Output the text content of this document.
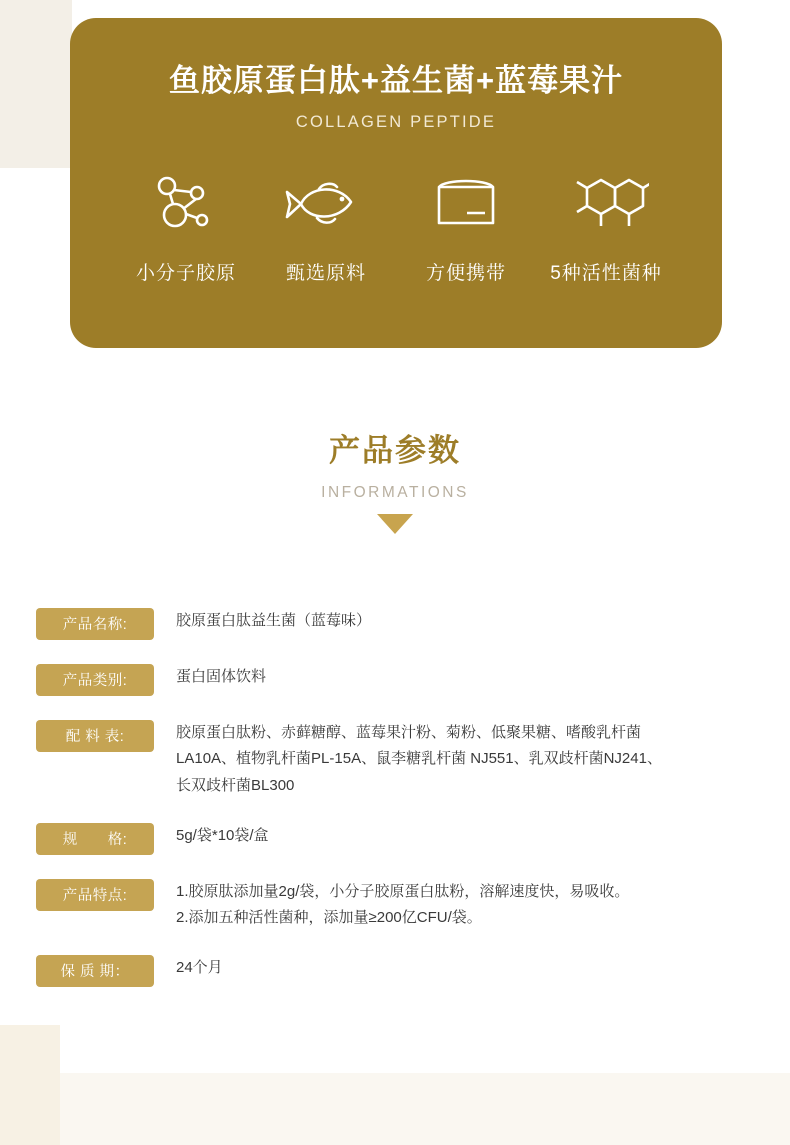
鱼胶原蛋白肽+益生菌+蓝莓果汁
COLLAGEN PEPTIDE
小分子胶原	甄选原料	方便携带	5种活性菌种
产品参数
INFORMATIONS
产品名称:	胶原蛋白肽益生菌（蓝莓味）
产品类别:	蛋白固体饮料
配 料 表:	胶原蛋白肽粉、赤藓糖醇、蓝莓果汁粉、菊粉、低聚果糖、嗜酸乳杆菌
LA10A、植物乳杆菌PL-15A、鼠李糖乳杆菌 NJ551、乳双歧杆菌NJ241、
长双歧杆菌BL300
规　　格:	5g/袋*10袋/盒
产品特点:	1.胶原肽添加量2g/袋，小分子胶原蛋白肽粉，溶解速度快，易吸收。
2.添加五种活性菌种，添加量≥200亿CFU/袋。
保 质 期：	24个月
